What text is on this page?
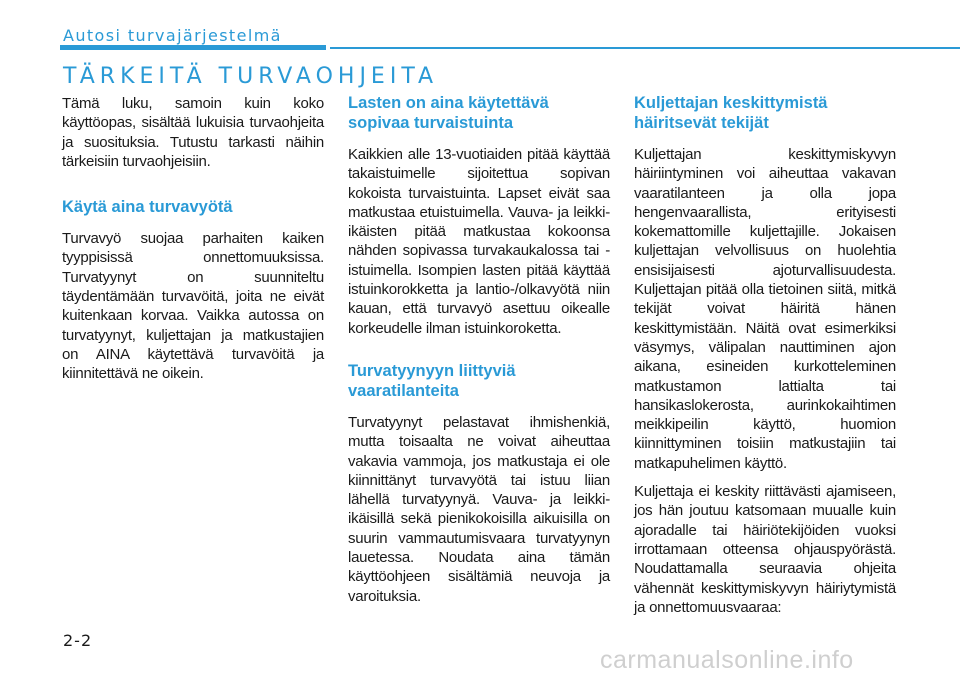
Autosi turvajärjestelmä
TÄRKEITÄ TURVAOHJEITA

Tämä luku, samoin kuin koko käyttöopas, sisältää lukuisia turvaohjeita ja suosituksia. Tutustu tarkasti näihin tärkeisiin turvaohjeisiin.

Käytä aina turvavyötä

Turvavyö suojaa parhaiten kaiken tyyppisissä onnettomuuksissa. Turvatyynyt on suunniteltu täydentämään turvavöitä, joita ne eivät kuitenkaan korvaa. Vaikka autossa on turvatyynyt, kuljettajan ja matkustajien on AINA käytettävä turvavöitä ja kiinnitettävä ne oikein.

Lasten on aina käytettävä sopivaa turvaistuinta

Kaikkien alle 13-vuotiaiden pitää käyttää takaistuimelle sijoitettua sopivan kokoista turvaistuinta. Lapset eivät saa matkustaa etuistuimella. Vauva- ja leikki-ikäisten pitää matkustaa kokoonsa nähden sopivassa turvakaukalossa tai -istuimella. Isompien lasten pitää käyttää istuinkorokketta ja lantio-/olkavyötä niin kauan, että turvavyö asettuu oikealle korkeudelle ilman istuinkoroketta.

Turvatyynyyn liittyviä vaaratilanteita

Turvatyynyt pelastavat ihmishenkiä, mutta toisaalta ne voivat aiheuttaa vakavia vammoja, jos matkustaja ei ole kiinnittänyt turvavyötä tai istuu liian lähellä turvatyynyä. Vauva- ja leikki-ikäisillä sekä pienikokoisilla aikuisilla on suurin vammautumisvaara turvatyynyn lauetessa. Noudata aina tämän käyttöohjeen sisältämiä neuvoja ja varoituksia.

Kuljettajan keskittymistä häiritsevät tekijät

Kuljettajan keskittymiskyvyn häiriintyminen voi aiheuttaa vakavan vaaratilanteen ja olla jopa hengenvaarallista, erityisesti kokemattomille kuljettajille. Jokaisen kuljettajan velvollisuus on huolehtia ensisijaisesti ajoturvallisuudesta. Kuljettajan pitää olla tietoinen siitä, mitkä tekijät voivat häiritä hänen keskittymistään. Näitä ovat esimerkiksi väsymys, välipalan nauttiminen ajon aikana, esineiden kurkotteleminen matkustamon lattialta tai hansikaslokerosta, aurinkokaihtimen meikkipeilin käyttö, huomion kiinnittyminen toisiin matkustajiin tai matkapuhelimen käyttö.

Kuljettaja ei keskity riittävästi ajamiseen, jos hän joutuu katsomaan muualle kuin ajoradalle tai häiriötekijöiden vuoksi irrottamaan otteensa ohjauspyörästä. Noudattamalla seuraavia ohjeita vähennät keskittymiskyvyn häiriytymistä ja onnettomuusvaaraa:

2-2
carmanualsonline.info
